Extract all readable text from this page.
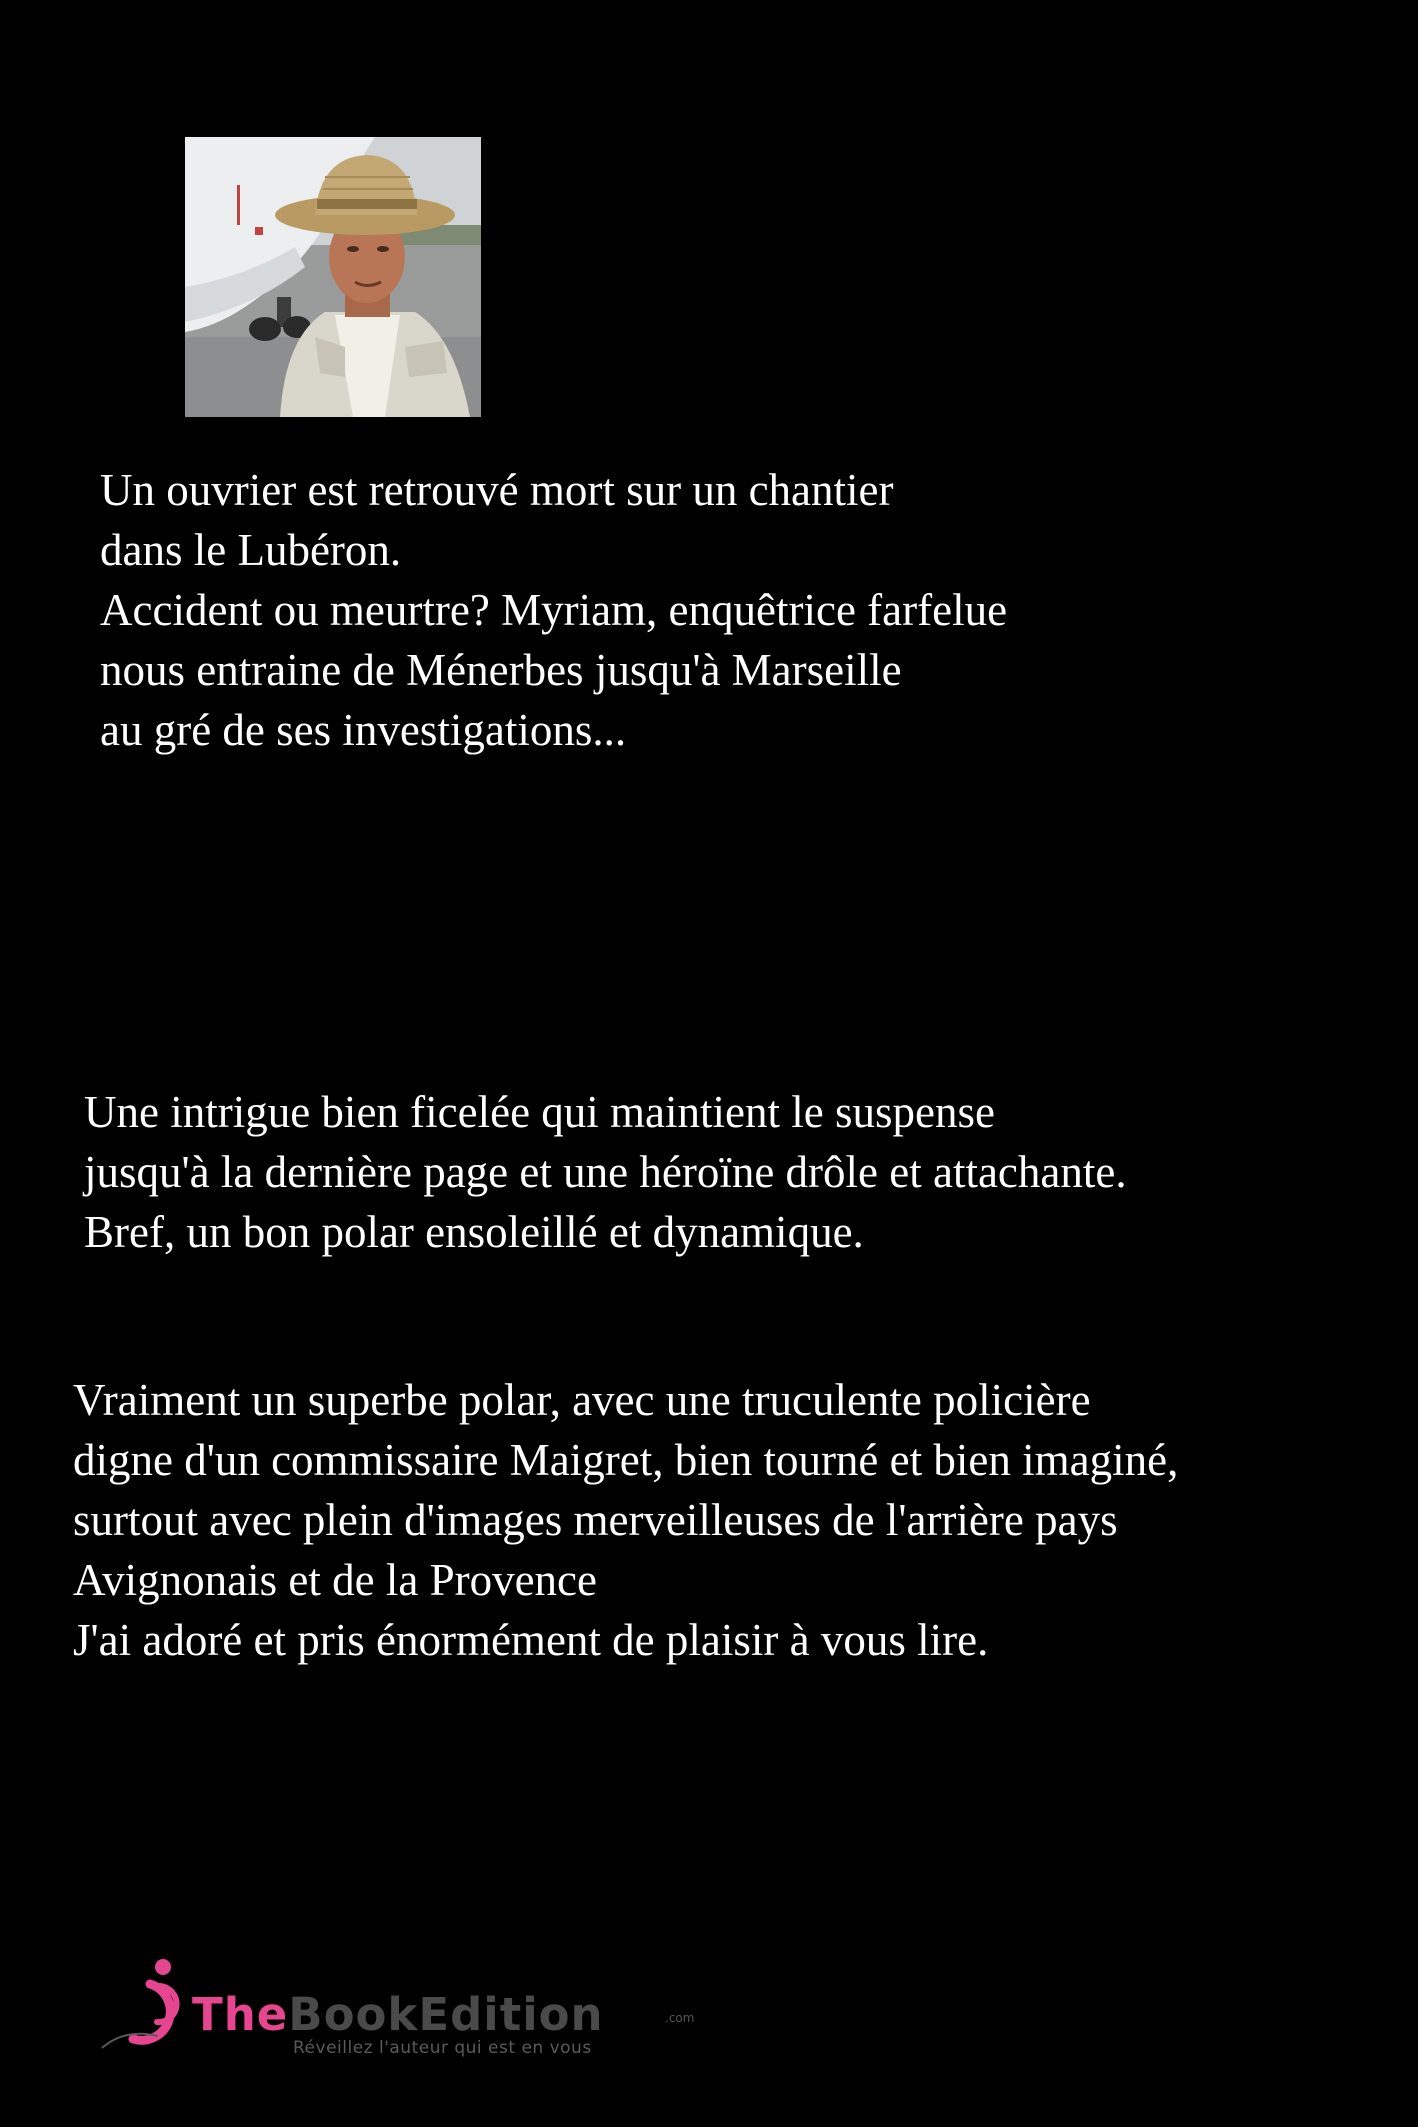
Un ouvrier est retrouvé mort sur un chantier
dans le Lubéron.
Accident ou meurtre? Myriam, enquêtrice farfelue
nous entraine de Ménerbes jusqu'à Marseille
au gré de ses investigations...
Une intrigue bien ficelée qui maintient le suspense
jusqu'à la dernière page et une héroïne drôle et attachante.
Bref, un bon polar ensoleillé et dynamique.
Vraiment un superbe polar, avec une truculente policière
digne d'un commissaire Maigret, bien tourné et bien imaginé,
surtout avec plein d'images merveilleuses de l'arrière pays
Avignonais et de la Provence
J'ai adoré et pris énormément de plaisir à vous lire.
TheBookEdition	.com
Réveillez l'auteur qui est en vous
